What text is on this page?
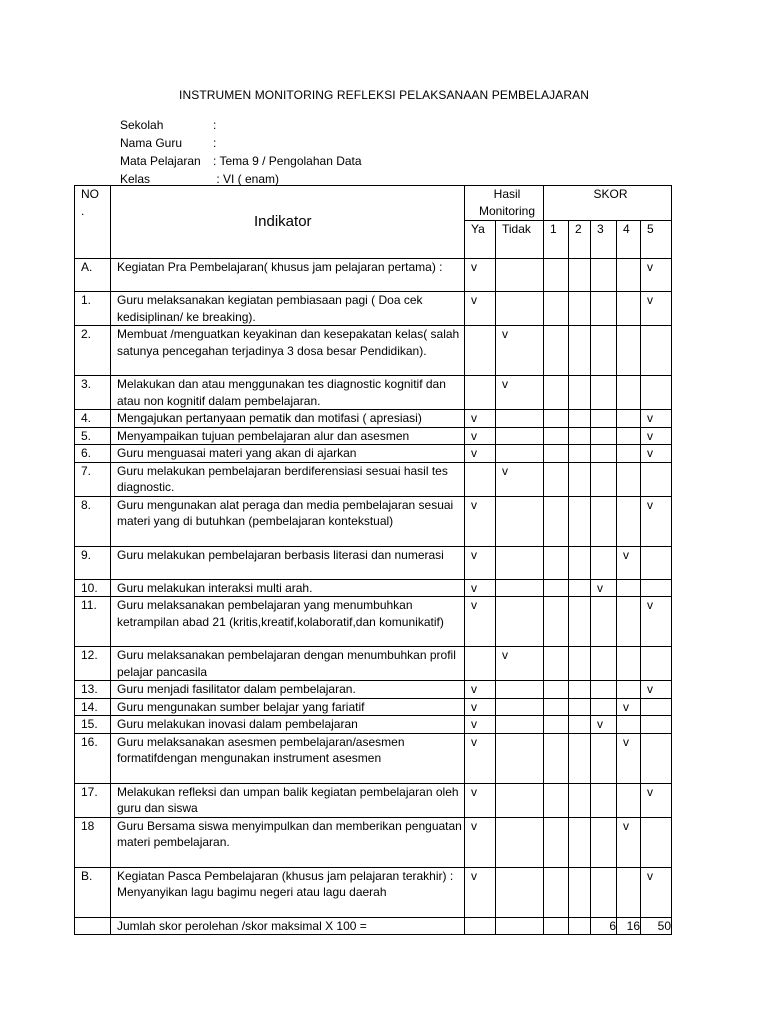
INSTRUMEN MONITORING REFLEKSI PELAKSANAAN PEMBELAJARAN
Sekolah	:
Nama Guru	:
Mata Pelajaran	: Tema 9 / Pengolahan Data
Kelas	: VI ( enam)
NO
.	Indikator	Hasil Monitoring		SKOR				
		Ya	Tidak	1	2	3	4	5
A.	Kegiatan Pra Pembelajaran( khusus jam pelajaran pertama) :	v						v
1.	Guru melaksanakan kegiatan pembiasaan pagi ( Doa cek kedisiplinan/ ke breaking).	v						v
2.	Membuat /menguatkan keyakinan dan kesepakatan kelas( salah satunya pencegahan terjadinya 3 dosa besar Pendidikan).		v					
3.	Melakukan dan atau menggunakan tes diagnostic kognitif dan atau non kognitif dalam pembelajaran.		v					
4.	Mengajukan pertanyaan pematik dan motifasi ( apresiasi)	v						v
5.	Menyampaikan tujuan pembelajaran alur dan asesmen	v						v
6.	Guru menguasai materi yang akan di ajarkan	v						v
7.	Guru melakukan pembelajaran berdiferensiasi sesuai hasil tes diagnostic.		v					
8.	Guru mengunakan alat peraga dan media pembelajaran sesuai materi yang di butuhkan (pembelajaran kontekstual)	v						v
9.	Guru melakukan pembelajaran berbasis literasi dan numerasi	v					v	
10.	Guru melakukan interaksi multi arah.	v				v		
11.	Guru melaksanakan pembelajaran yang menumbuhkan ketrampilan abad 21 (kritis,kreatif,kolaboratif,dan komunikatif)	v						v
12.	Guru melaksanakan pembelajaran dengan menumbuhkan profil pelajar pancasila		v					
13.	Guru menjadi fasilitator dalam pembelajaran.	v						v
14.	Guru mengunakan sumber belajar yang fariatif	v					v	
15.	Guru melakukan inovasi dalam pembelajaran	v				v		
16.	Guru melaksanakan asesmen pembelajaran/asesmen formatifdengan mengunakan instrument asesmen	v					v	
17.	Melakukan refleksi dan umpan balik kegiatan pembelajaran oleh guru dan siswa	v						v
18	Guru Bersama siswa menyimpulkan dan memberikan penguatan materi pembelajaran.	v					v	
B.	Kegiatan Pasca Pembelajaran (khusus jam pelajaran terakhir) : Menyanyikan lagu bagimu negeri atau lagu daerah	v						v
	Jumlah skor perolehan /skor maksimal X 100 =					6	16	50
